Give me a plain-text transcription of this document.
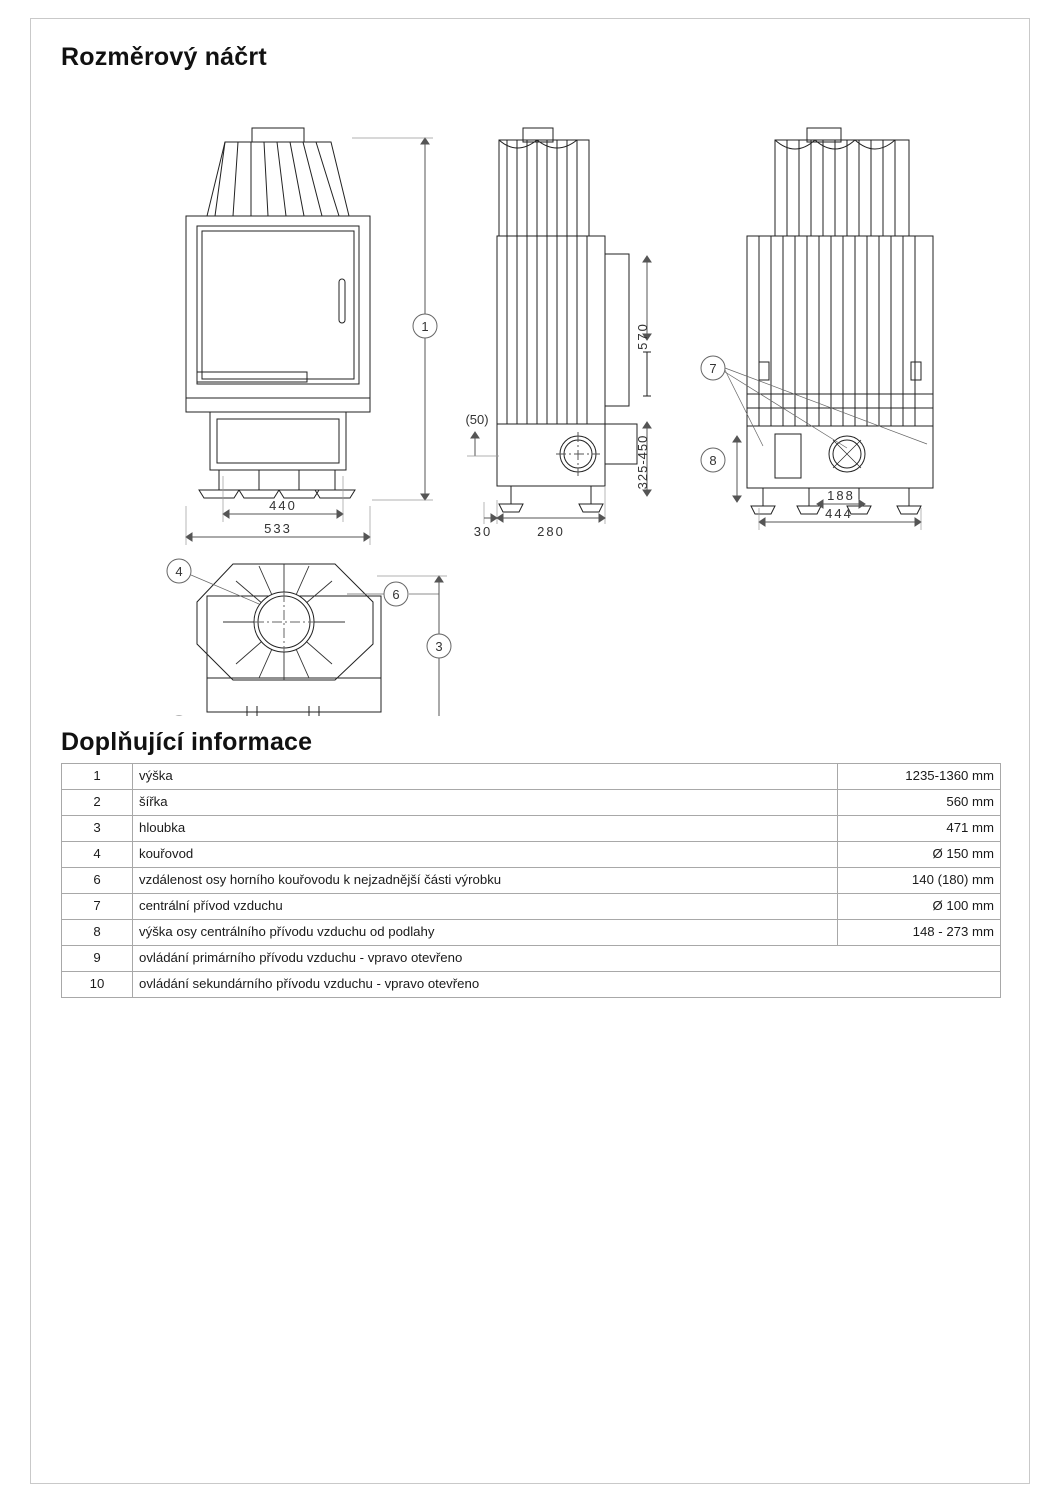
Rozměrový náčrt
1
440
533
570
325-450
(50)
30	280
7
8
188
444
4
6
3
Doplňující informace
1	výška	1235-1360 mm
2	šířka	560 mm
3	hloubka	471 mm
4	kouřovod	Ø 150 mm
6	vzdálenost osy horního kouřovodu k nejzadnější části výrobku	140 (180) mm
7	centrální přívod vzduchu	Ø 100 mm
8	výška osy centrálního přívodu vzduchu od podlahy	148 - 273 mm
9	ovládání primárního přívodu vzduchu - vpravo otevřeno	
10	ovládání sekundárního přívodu vzduchu - vpravo otevřeno	
